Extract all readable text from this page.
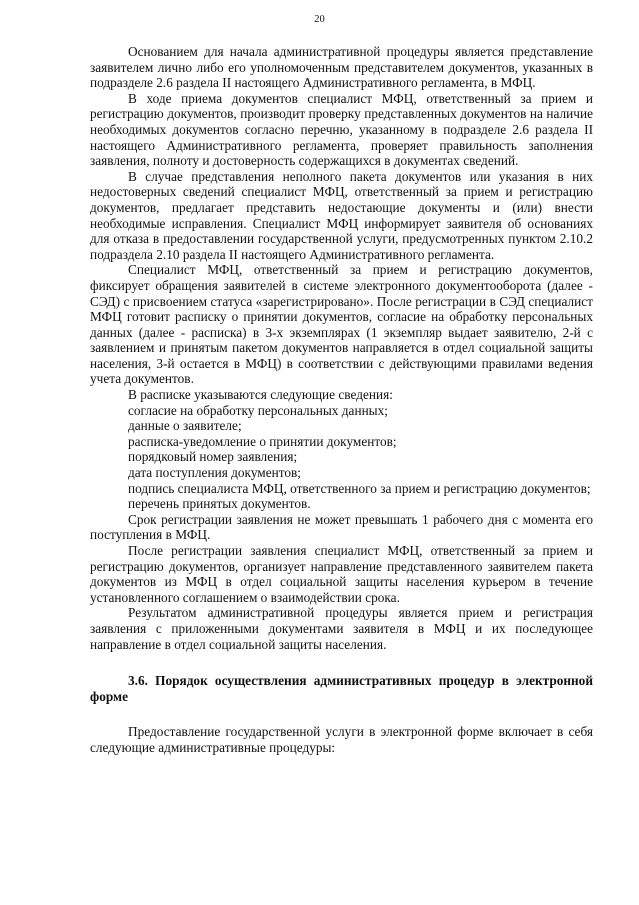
20

Основанием для начала административной процедуры является представление заявителем лично либо его уполномоченным представителем документов, указанных в подразделе 2.6 раздела II настоящего Административного регламента, в МФЦ.

В ходе приема документов специалист МФЦ, ответственный за прием и регистрацию документов, производит проверку представленных документов на наличие необходимых документов согласно перечню, указанному в подразделе 2.6 раздела II настоящего Административного регламента, проверяет правильность заполнения заявления, полноту и достоверность содержащихся в документах сведений.

В случае представления неполного пакета документов или указания в них недостоверных сведений специалист МФЦ, ответственный за прием и регистрацию документов, предлагает представить недостающие документы и (или) внести необходимые исправления. Специалист МФЦ информирует заявителя об основаниях для отказа в предоставлении государственной услуги, предусмотренных пунктом 2.10.2 подраздела 2.10 раздела II настоящего Административного регламента.

Специалист МФЦ, ответственный за прием и регистрацию документов, фиксирует обращения заявителей в системе электронного документооборота (далее - СЭД) с присвоением статуса «зарегистрировано». После регистрации в СЭД специалист МФЦ готовит расписку о принятии документов, согласие на обработку персональных данных (далее - расписка) в 3-х экземплярах (1 экземпляр выдает заявителю, 2-й с заявлением и принятым пакетом документов направляется в отдел социальной защиты населения, 3-й остается в МФЦ) в соответствии с действующими правилами ведения учета документов.

В расписке указываются следующие сведения:

согласие на обработку персональных данных;

данные о заявителе;

расписка-уведомление о принятии документов;

порядковый номер заявления;

дата поступления документов;

подпись специалиста МФЦ, ответственного за прием и регистрацию документов;

перечень принятых документов.

Срок регистрации заявления не может превышать 1 рабочего дня с момента его поступления в МФЦ.

После регистрации заявления специалист МФЦ, ответственный за прием и регистрацию документов, организует направление представленного заявителем пакета документов из МФЦ в отдел социальной защиты населения курьером в течение установленного соглашением о взаимодействии срока.

Результатом административной процедуры является прием и регистрация заявления с приложенными документами заявителя в МФЦ и их последующее направление в отдел социальной защиты населения.

3.6. Порядок осуществления административных процедур в электронной форме

Предоставление государственной услуги в электронной форме включает в себя следующие административные процедуры:
